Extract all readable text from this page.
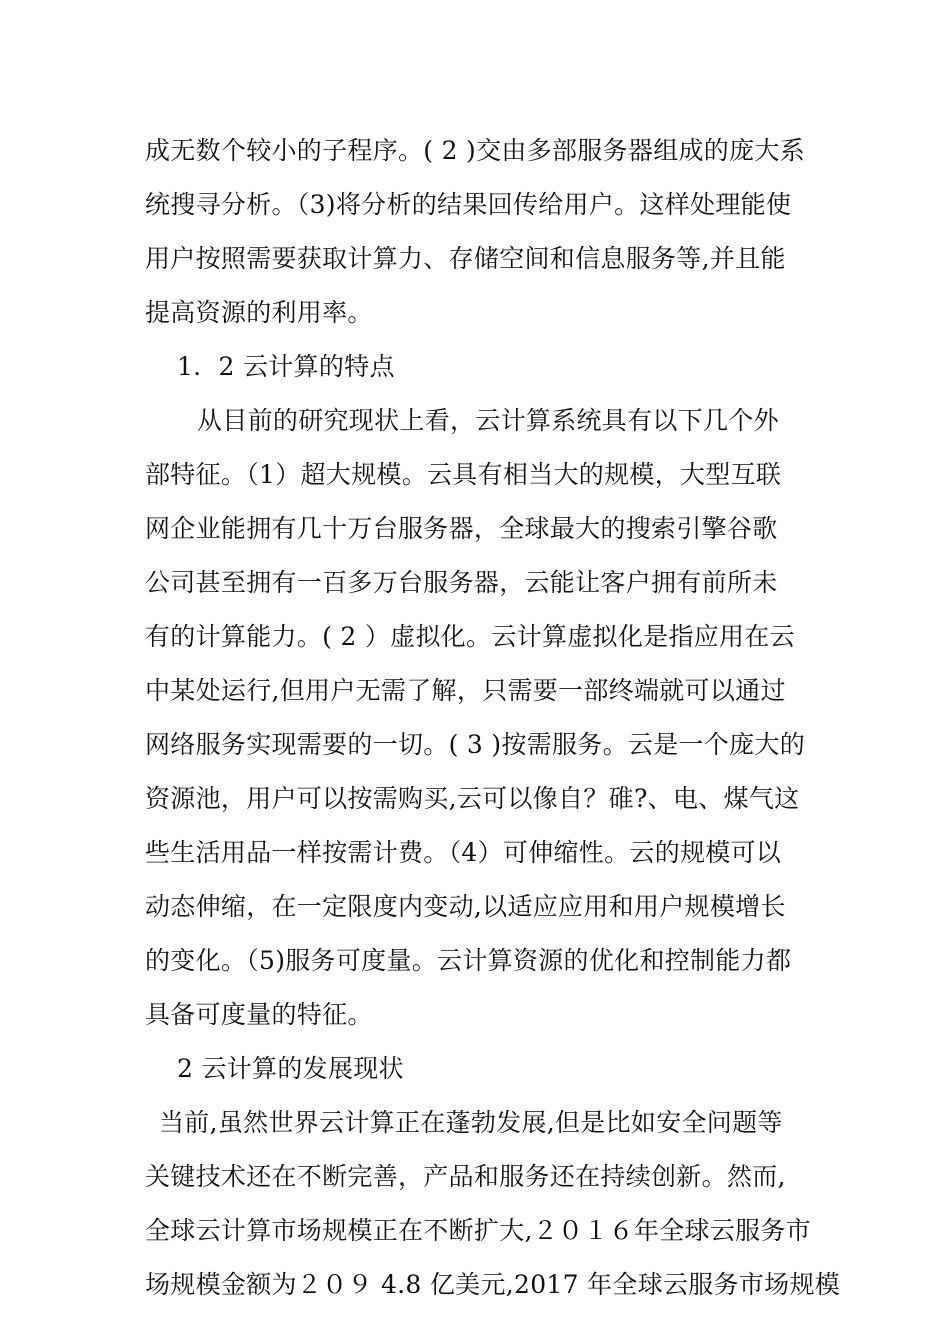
成无数个较小的子程序。( 2 )交由多部服务器组成的庞大系
统搜寻分析。（3)将分析的结果回传给用户。这样处理能使
用户按照需要获取计算力、存储空间和信息服务等,并且能
提高资源的利用率。
1．2 云计算的特点
从目前的研究现状上看，云计算系统具有以下几个外
部特征。（1）超大规模。云具有相当大的规模，大型互联
网企业能拥有几十万台服务器，全球最大的搜索引擎谷歌
公司甚至拥有一百多万台服务器，云能让客户拥有前所未
有的计算能力。( 2 ）虚拟化。云计算虚拟化是指应用在云
中某处运行,但用户无需了解，只需要一部终端就可以通过
网络服务实现需要的一切。( 3 )按需服务。云是一个庞大的
资源池，用户可以按需购买,云可以像自？碓?、电、煤气这
些生活用品一样按需计费。（4）可伸缩性。云的规模可以
动态伸缩，在一定限度内变动,以适应应用和用户规模增长
的变化。（5)服务可度量。云计算资源的优化和控制能力都
具备可度量的特征。
2 云计算的发展现状
当前,虽然世界云计算正在蓬勃发展,但是比如安全问题等
关键技术还在不断完善，产品和服务还在持续创新。然而,
全球云计算市场规模正在不断扩大,２０１６年全球云服务市
场规模金额为２０９ 4.8 亿美元,2017 年全球云服务市场规模
